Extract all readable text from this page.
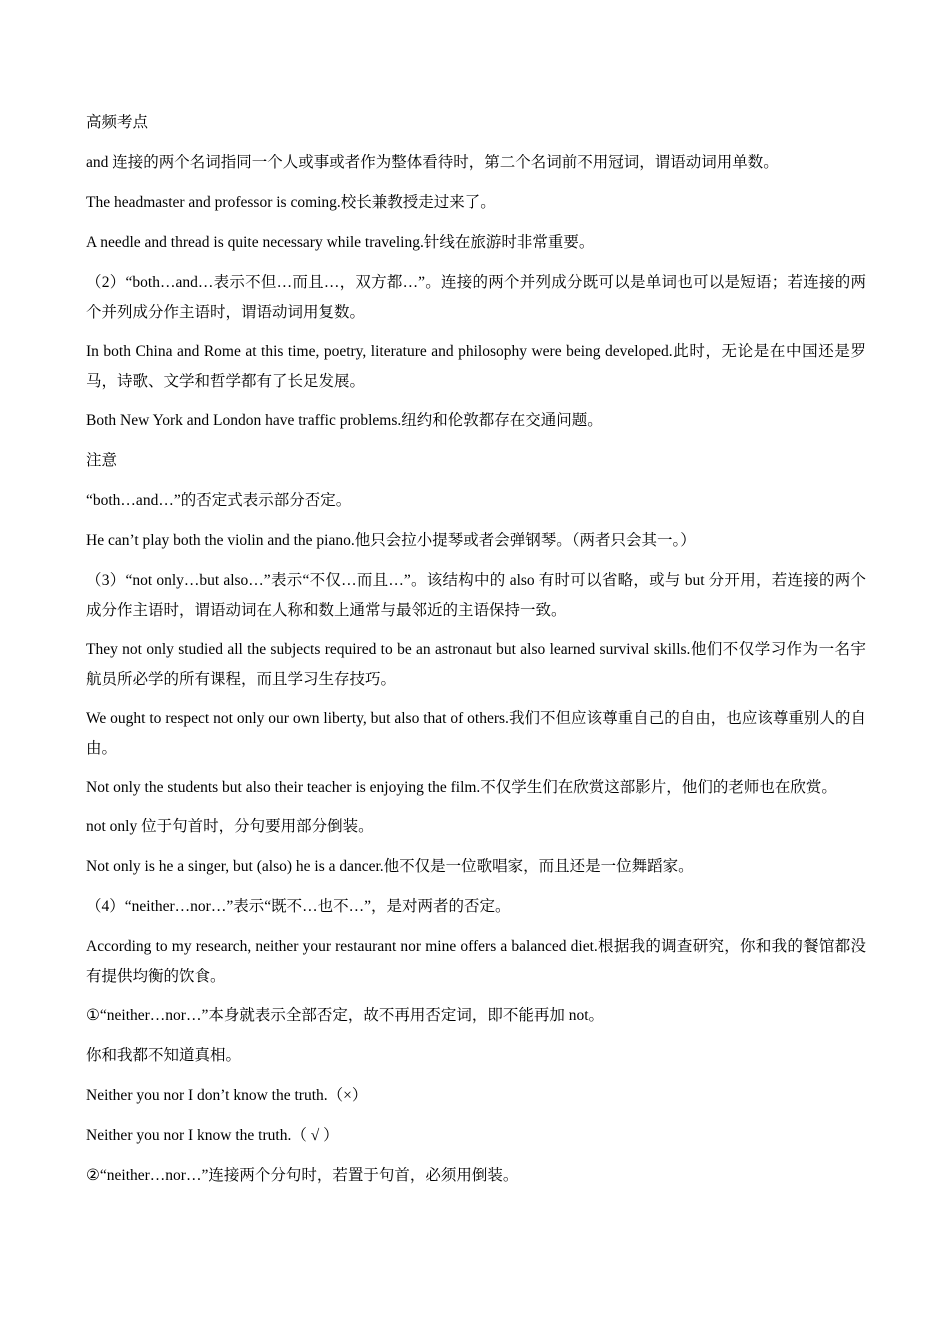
高频考点

and 连接的两个名词指同一个人或事或者作为整体看待时，第二个名词前不用冠词，谓语动词用单数。

The headmaster and professor is coming.校长兼教授走过来了。

A needle and thread is quite necessary while traveling.针线在旅游时非常重要。

（2）“both…and…表示不但…而且…，双方都…”。连接的两个并列成分既可以是单词也可以是短语；若连接的两个并列成分作主语时，谓语动词用复数。

In both China and Rome at this time, poetry, literature and philosophy were being developed.此时，无论是在中国还是罗马，诗歌、文学和哲学都有了长足发展。

Both New York and London have traffic problems.纽约和伦敦都存在交通问题。

注意

“both…and…”的否定式表示部分否定。

He can’t play both the violin and the piano.他只会拉小提琴或者会弹钢琴。（两者只会其一。）

（3）“not only…but also…”表示“不仅…而且…”。该结构中的 also 有时可以省略，或与 but 分开用，若连接的两个成分作主语时，谓语动词在人称和数上通常与最邻近的主语保持一致。

They not only studied all the subjects required to be an astronaut but also learned survival skills.他们不仅学习作为一名宇航员所必学的所有课程，而且学习生存技巧。

We ought to respect not only our own liberty, but also that of others.我们不但应该尊重自己的自由，也应该尊重别人的自由。

Not only the students but also their teacher is enjoying the film.不仅学生们在欣赏这部影片，他们的老师也在欣赏。

not only 位于句首时，分句要用部分倒装。

Not only is he a singer, but (also) he is a dancer.他不仅是一位歌唱家，而且还是一位舞蹈家。

（4）“neither…nor…”表示“既不…也不…”，是对两者的否定。

According to my research, neither your restaurant nor mine offers a balanced diet.根据我的调查研究，你和我的餐馆都没有提供均衡的饮食。

①“neither…nor…”本身就表示全部否定，故不再用否定词，即不能再加 not。

你和我都不知道真相。

Neither you nor I don’t know the truth.（×）

Neither you nor I know the truth.（ √ ）

②“neither…nor…”连接两个分句时，若置于句首，必须用倒装。
